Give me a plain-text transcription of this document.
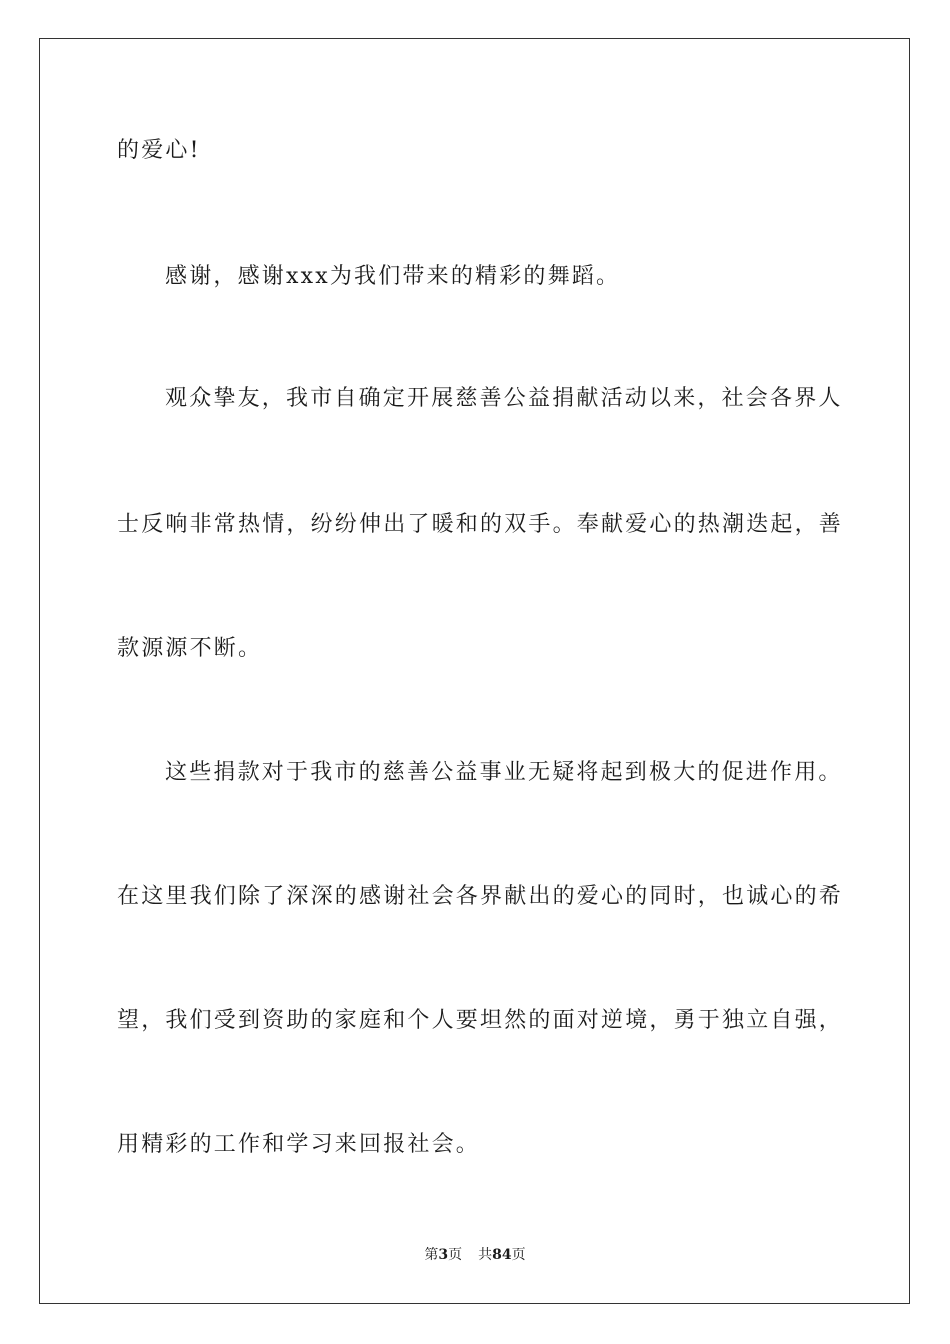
的爱心!
感谢，感谢xxx为我们带来的精彩的舞蹈。
观众挚友，我市自确定开展慈善公益捐献活动以来，社会各界人
士反响非常热情，纷纷伸出了暖和的双手。奉献爱心的热潮迭起，善
款源源不断。
这些捐款对于我市的慈善公益事业无疑将起到极大的促进作用。
在这里我们除了深深的感谢社会各界献出的爱心的同时，也诚心的希
望，我们受到资助的家庭和个人要坦然的面对逆境，勇于独立自强，
用精彩的工作和学习来回报社会。
第3页 共84页
